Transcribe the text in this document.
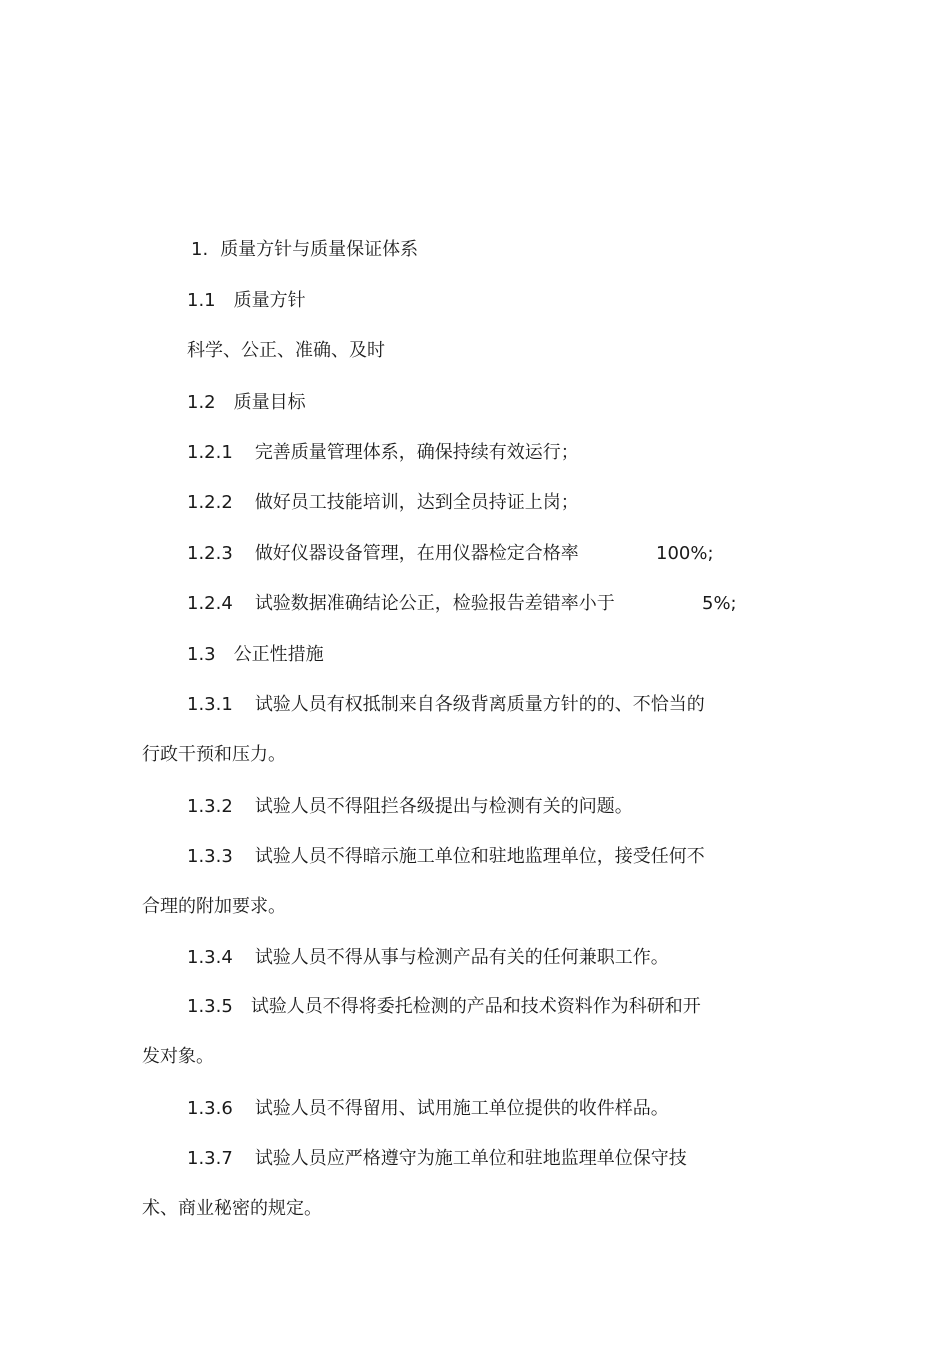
1. 质量方针与质量保证体系
1.1 质量方针
科学、公正、准确、及时
1.2 质量目标
1.2.1 完善质量管理体系，确保持续有效运行；
1.2.2 做好员工技能培训，达到全员持证上岗；
1.2.3 做好仪器设备管理，在用仪器检定合格率	100%;
1.2.4 试验数据准确结论公正，检验报告差错率小于	5%;
1.3 公正性措施
1.3.1 试验人员有权抵制来自各级背离质量方针的的、不恰当的
行政干预和压力。
1.3.2 试验人员不得阻拦各级提出与检测有关的问题。
1.3.3 试验人员不得暗示施工单位和驻地监理单位，接受任何不
合理的附加要求。
1.3.4 试验人员不得从事与检测产品有关的任何兼职工作。
1.3.5 试验人员不得将委托检测的产品和技术资料作为科研和开
发对象。
1.3.6 试验人员不得留用、试用施工单位提供的收件样品。
1.3.7 试验人员应严格遵守为施工单位和驻地监理单位保守技
术、商业秘密的规定。
